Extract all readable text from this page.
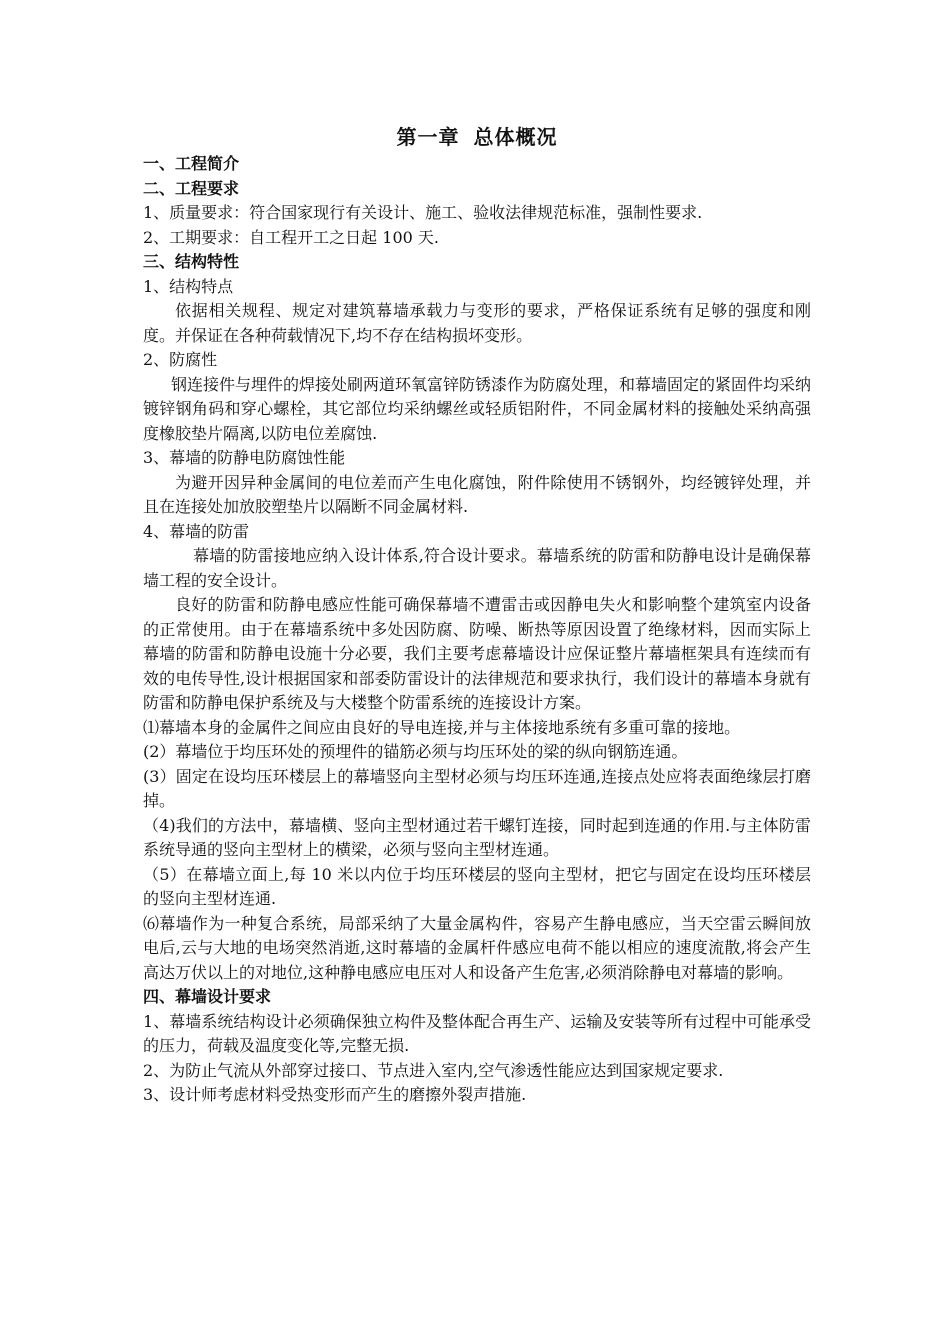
第一章 总体概况
一、工程简介
二、工程要求
1、质量要求：符合国家现行有关设计、施工、验收法律规范标准，强制性要求.
2、工期要求：自工程开工之日起 100 天.
三、结构特性
1、结构特点
依据相关规程、规定对建筑幕墙承载力与变形的要求，严格保证系统有足够的强度和刚度。并保证在各种荷载情况下,均不存在结构损坏变形。
2、防腐性
钢连接件与埋件的焊接处刷两道环氧富锌防锈漆作为防腐处理，和幕墙固定的紧固件均采纳镀锌钢角码和穿心螺栓，其它部位均采纳螺丝或轻质铝附件，不同金属材料的接触处采纳高强度橡胶垫片隔离,以防电位差腐蚀.
3、幕墙的防静电防腐蚀性能
为避开因异种金属间的电位差而产生电化腐蚀，附件除使用不锈钢外，均经镀锌处理，并且在连接处加放胶塑垫片以隔断不同金属材料.
4、幕墙的防雷
幕墙的防雷接地应纳入设计体系,符合设计要求。幕墙系统的防雷和防静电设计是确保幕墙工程的安全设计。
良好的防雷和防静电感应性能可确保幕墙不遭雷击或因静电失火和影响整个建筑室内设备的正常使用。由于在幕墙系统中多处因防腐、防噪、断热等原因设置了绝缘材料，因而实际上幕墙的防雷和防静电设施十分必要，我们主要考虑幕墙设计应保证整片幕墙框架具有连续而有效的电传导性,设计根据国家和部委防雷设计的法律规范和要求执行，我们设计的幕墙本身就有防雷和防静电保护系统及与大楼整个防雷系统的连接设计方案。
⑴幕墙本身的金属件之间应由良好的导电连接,并与主体接地系统有多重可靠的接地。
(2）幕墙位于均压环处的预埋件的锚筋必须与均压环处的梁的纵向钢筋连通。
(3）固定在设均压环楼层上的幕墙竖向主型材必须与均压环连通,连接点处应将表面绝缘层打磨掉。
（4)我们的方法中，幕墙横、竖向主型材通过若干螺钉连接，同时起到连通的作用.与主体防雷系统导通的竖向主型材上的横梁，必须与竖向主型材连通。
（5）在幕墙立面上,每 10 米以内位于均压环楼层的竖向主型材，把它与固定在设均压环楼层的竖向主型材连通.
⑹幕墙作为一种复合系统，局部采纳了大量金属构件，容易产生静电感应，当天空雷云瞬间放电后,云与大地的电场突然消逝,这时幕墙的金属杆件感应电荷不能以相应的速度流散,将会产生高达万伏以上的对地位,这种静电感应电压对人和设备产生危害,必须消除静电对幕墙的影响。
四、幕墙设计要求
1、幕墙系统结构设计必须确保独立构件及整体配合再生产、运输及安装等所有过程中可能承受的压力，荷载及温度变化等,完整无损.
2、为防止气流从外部穿过接口、节点进入室内,空气渗透性能应达到国家规定要求.
3、设计师考虑材料受热变形而产生的磨擦外裂声措施.
